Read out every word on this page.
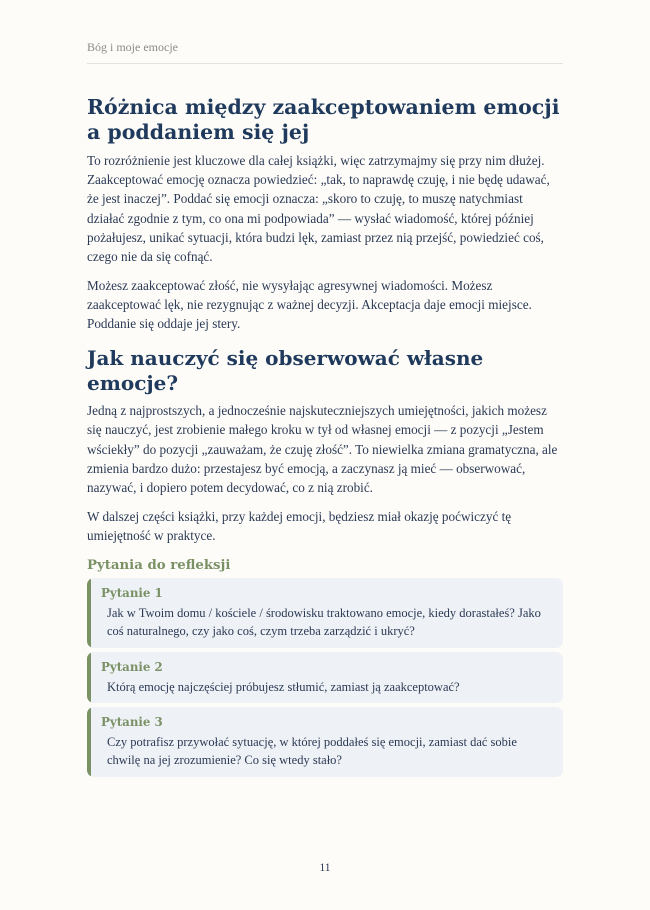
Bóg i moje emocje
Różnica między zaakceptowaniem emocji a poddaniem się jej

To rozróżnienie jest kluczowe dla całej książki, więc zatrzymajmy się przy nim dłużej. Zaakceptować emocję oznacza powiedzieć: „tak, to naprawdę czuję, i nie będę udawać, że jest inaczej”. Poddać się emocji oznacza: „skoro to czuję, to muszę natychmiast działać zgodnie z tym, co ona mi podpowiada” — wysłać wiadomość, której później pożałujesz, unikać sytuacji, która budzi lęk, zamiast przez nią przejść, powiedzieć coś, czego nie da się cofnąć.

Możesz zaakceptować złość, nie wysyłając agresywnej wiadomości. Możesz zaakceptować lęk, nie rezygnując z ważnej decyzji. Akceptacja daje emocji miejsce. Poddanie się oddaje jej stery.

Jak nauczyć się obserwować własne emocje?

Jedną z najprostszych, a jednocześnie najskuteczniejszych umiejętności, jakich możesz się nauczyć, jest zrobienie małego kroku w tył od własnej emocji — z pozycji „Jestem wściekły” do pozycji „zauważam, że czuję złość”. To niewielka zmiana gramatyczna, ale zmienia bardzo dużo: przestajesz być emocją, a zaczynasz ją mieć — obserwować, nazywać, i dopiero potem decydować, co z nią zrobić.

W dalszej części książki, przy każdej emocji, będziesz miał okazję poćwiczyć tę umiejętność w praktyce.

Pytania do refleksji
Pytanie 1
Jak w Twoim domu / kościele / środowisku traktowano emocje, kiedy dorastałeś? Jako coś naturalnego, czy jako coś, czym trzeba zarządzić i ukryć?
Pytanie 2
Którą emocję najczęściej próbujesz stłumić, zamiast ją zaakceptować?
Pytanie 3
Czy potrafisz przywołać sytuację, w której poddałeś się emocji, zamiast dać sobie chwilę na jej zrozumienie? Co się wtedy stało?
11
